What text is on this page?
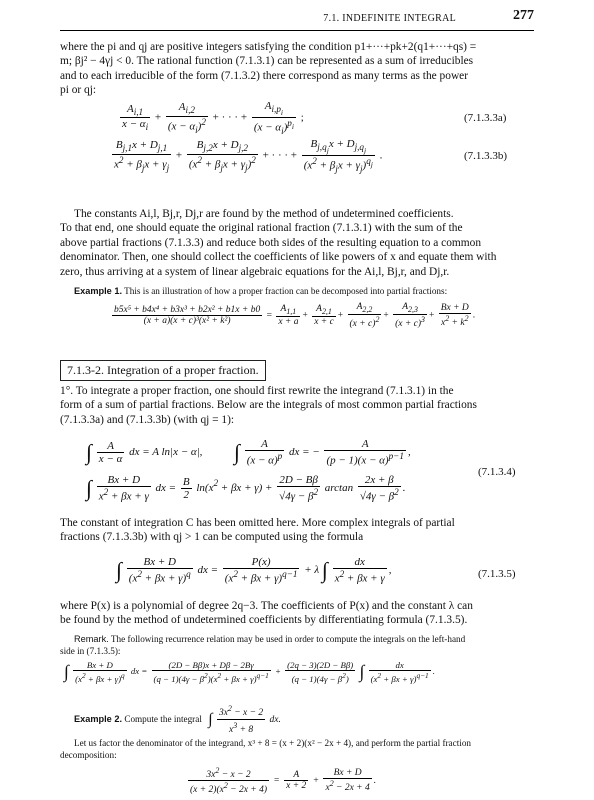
7.1. INDEFINITE INTEGRAL	277
where the pi and qj are positive integers satisfying the condition p1+···+pk+2(q1+···+qs) =
m; βj² − 4γj < 0. The rational function (7.1.3.1) can be represented as a sum of irreducibles
and to each irreducible of the form (7.1.3.2) there correspond as many terms as the power
pi or qj:
$\frac{A_{i,1}}{x - \alpha_i} + \frac{A_{i,2}}{(x - \alpha_i)^2}$ + · · · + $\frac{A_{i,p_i}}{(x - \alpha_i)^{p_i}}$ ;	(7.1.3.3a)
$\frac{B_{j,1}x + D_{j,1}}{x^2 + \beta_jx + \gamma_j} + \frac{B_{j,2}x + D_{j,2}}{(x^2 + \beta_jx + \gamma_j)^2}$ + · · · + $\frac{B_{j,q_j}x + D_{j,q_j}}{(x^2 + \beta_jx + \gamma_j)^{q_j}}$ .	(7.1.3.3b)
The constants Ai,l, Bj,r, Dj,r are found by the method of undetermined coefficients.
To that end, one should equate the original rational fraction (7.1.3.1) with the sum of the
above partial fractions (7.1.3.3) and reduce both sides of the resulting equation to a common
denominator. Then, one should collect the coefficients of like powers of x and equate them with
zero, thus arriving at a system of linear algebraic equations for the Ai,l, Bj,r, and Dj,r.
Example 1. This is an illustration of how a proper fraction can be decomposed into partial fractions:
$\frac{\text{b5x⁵ + b4x⁴ + b3x³ + b2x² + b1x + b0}}{\text{(x + a)(x + c)³(x² + k²)}} = \frac{A_{1,1}}{x + a} + \frac{A_{2,1}}{x + c} + \frac{A_{2,2}}{(x + c)^2} + \frac{A_{2,3}}{(x + c)^3} + \frac{Bx + D}{x^2 + k^2}$ .
7.1.3-2. Integration of a proper fraction.
1°. To integrate a proper fraction, one should first rewrite the integrand (7.1.3.1) in the
form of a sum of partial fractions. Below are the integrals of most common partial fractions
(7.1.3.3a) and (7.1.3.3b) (with qj = 1):
∫ $\frac{A}{x - \alpha}$ dx = A ln|x − α|,  ∫ $\frac{A}{(x - \alpha)^p}$ dx = − $\frac{A}{(p - 1)(x - \alpha)^{p-1}}$ ,
∫ $\frac{Bx + D}{x^2 + \beta x + \gamma}$ dx = $\frac{B}{2} \ln(x^2 + \beta x + \gamma) + \frac{2D - B\beta}{√4\gamma - \beta^2}$ $\arctan \frac{2x + \beta}{√4\gamma - \beta^2}$ .
(7.1.3.4)
The constant of integration C has been omitted here. More complex integrals of partial
fractions (7.1.3.3b) with qj > 1 can be computed using the formula
∫ $\frac{Bx + D}{(x^2 + \beta x + \gamma)^q}$ dx = $\frac{P(x)}{(x^2 + \beta x + \gamma)^{q-1}} + \lambda$ ∫ $\frac{dx}{x^2 + \beta x + \gamma}$ ,	(7.1.3.5)
where P(x) is a polynomial of degree 2q−3. The coefficients of P(x) and the constant λ can
be found by the method of undetermined coefficients by differentiating formula (7.1.3.5).
Remark. The following recurrence relation may be used in order to compute the integrals on the left-hand
side in (7.1.3.5):
∫ $\frac{Bx + D}{(x^2 + \beta x + \gamma)^q}$ dx = $\frac{(2D - B\beta)x + D\beta - 2B\gamma}{(q - 1)(4\gamma - \beta^2)(x^2 + \beta x + \gamma)^{q-1}} + \frac{(2q - 3)(2D - B\beta)}{(q - 1)(4\gamma - \beta^2)}$ ∫ $\frac{dx}{(x^2 + \beta x + \gamma)^{q-1}}$ .
Example 2. Compute the integral ∫ $\frac{3x^2 - x - 2}{x^3 + 8}$ dx.
Let us factor the denominator of the integrand, x³ + 8 = (x + 2)(x² − 2x + 4), and perform the partial fraction
decomposition:
$\frac{3x^2 - x - 2}{(x + 2)(x^2 - 2x + 4)} = \frac{A}{x + 2} + \frac{Bx + D}{x^2 - 2x + 4}$ .
